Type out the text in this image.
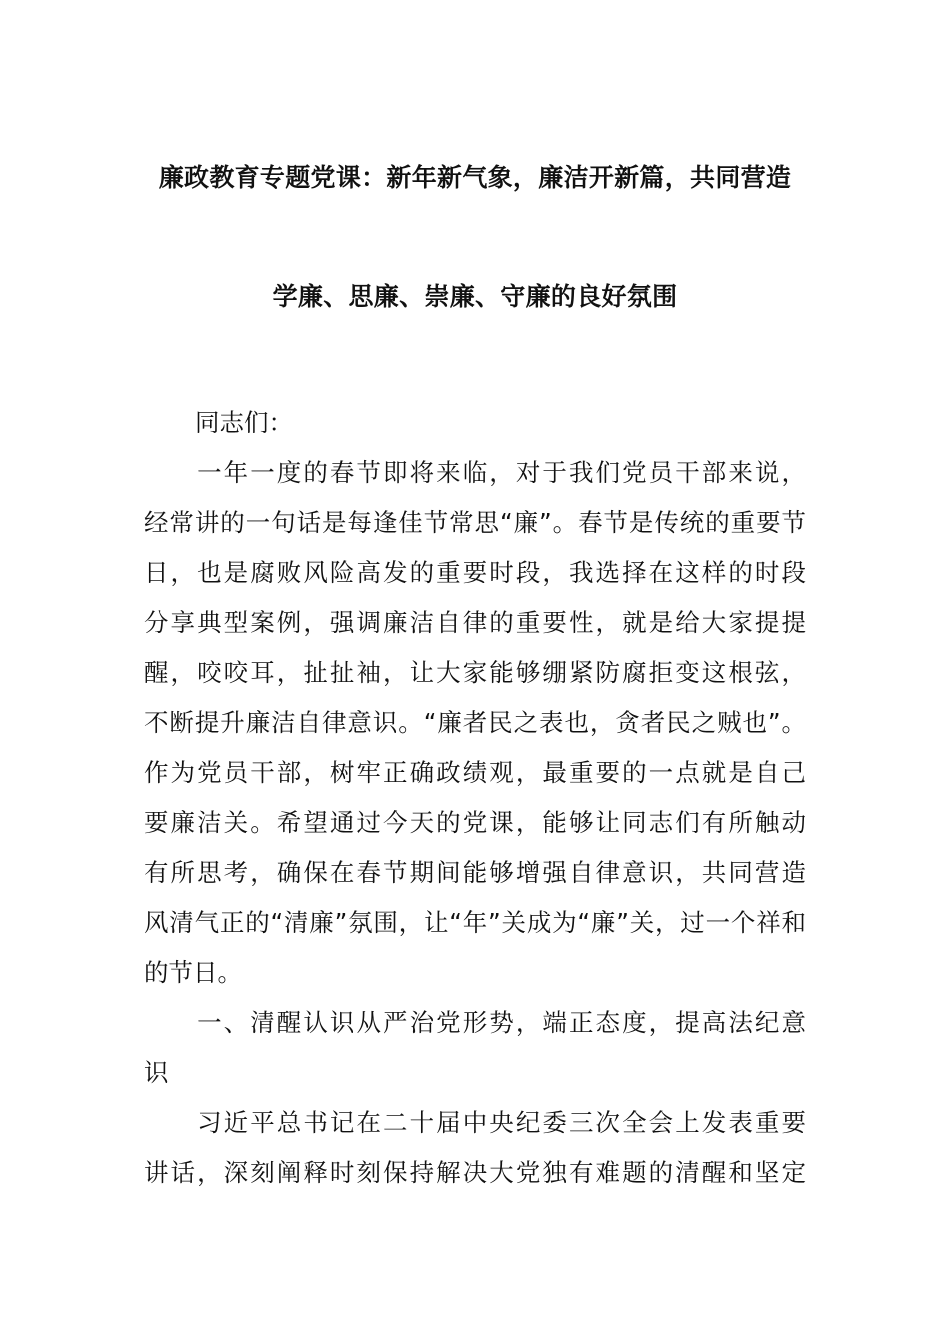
廉政教育专题党课：新年新气象，廉洁开新篇，共同营造
学廉、思廉、崇廉、守廉的良好氛围
同志们：
一年一度的春节即将来临，对于我们党员干部来说，
经常讲的一句话是每逢佳节常思“廉”。春节是传统的重要节
日，也是腐败风险高发的重要时段，我选择在这样的时段
分享典型案例，强调廉洁自律的重要性，就是给大家提提
醒，咬咬耳，扯扯袖，让大家能够绷紧防腐拒变这根弦，
不断提升廉洁自律意识。“廉者民之表也，贪者民之贼也”。
作为党员干部，树牢正确政绩观，最重要的一点就是自己
要廉洁关。希望通过今天的党课，能够让同志们有所触动
有所思考，确保在春节期间能够增强自律意识，共同营造
风清气正的“清廉”氛围，让“年”关成为“廉”关，过一个祥和
的节日。
一、清醒认识从严治党形势，端正态度，提高法纪意
识
习近平总书记在二十届中央纪委三次全会上发表重要
讲话，深刻阐释时刻保持解决大党独有难题的清醒和坚定
